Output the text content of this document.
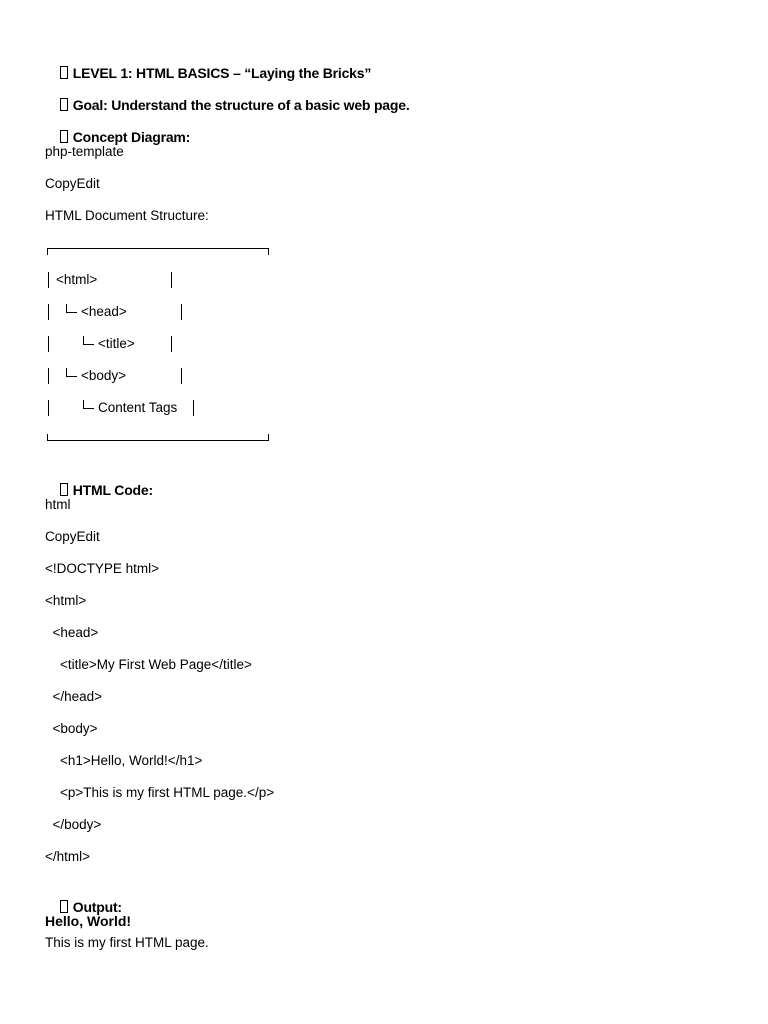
LEVEL 1: HTML BASICS – “Laying the Bricks”

Goal: Understand the structure of a basic web page.

Concept Diagram:

php-template
CopyEdit
HTML Document Structure:
<html>
<head>
<title>
<body>
Content Tags

HTML Code:

html
CopyEdit
<!DOCTYPE html>
<html>
<head>
<title>My First Web Page</title>
</head>
<body>
<h1>Hello, World!</h1>
<p>This is my first HTML page.</p>
</body>
</html>

Output:

Hello, World!
This is my first HTML page.
